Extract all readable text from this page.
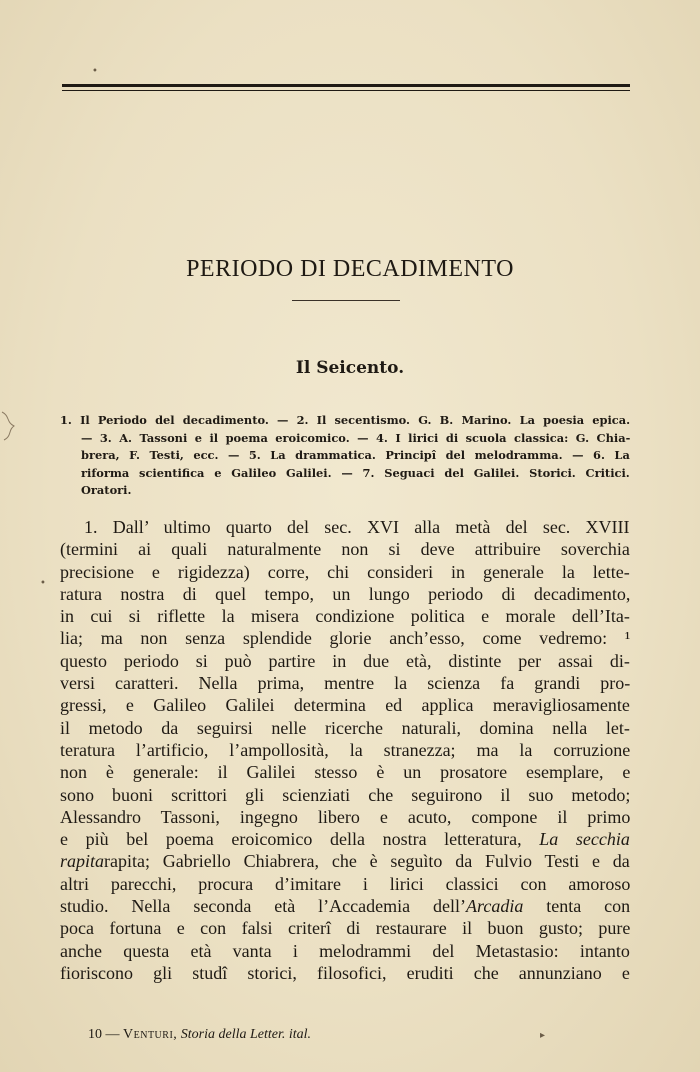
PERIODO DI DECADIMENTO
Il Seicento.
1. Il Periodo del decadimento. — 2. Il secentismo. G. B. Marino. La poesia epica.
— 3. A. Tassoni e il poema eroicomico. — 4. I lirici di scuola classica: G. Chia-
brera, F. Testi, ecc. — 5. La drammatica. Principî del melodramma. — 6. La
riforma scientifica e Galileo Galilei. — 7. Seguaci del Galilei. Storici. Critici.
Oratori.
1. Dall’ ultimo quarto del sec. XVI alla metà del sec. XVIII
(termini ai quali naturalmente non si deve attribuire soverchia
precisione e rigidezza) corre, chi consideri in generale la lette-
ratura nostra di quel tempo, un lungo periodo di decadimento,
in cui si riflette la misera condizione politica e morale dell’Ita-
lia; ma non senza splendide glorie anch’esso, come vedremo: ¹
questo periodo si può partire in due età, distinte per assai di-
versi caratteri. Nella prima, mentre la scienza fa grandi pro-
gressi, e Galileo Galilei determina ed applica meravigliosamente
il metodo da seguirsi nelle ricerche naturali, domina nella let-
teratura l’artificio, l’ampollosità, la stranezza; ma la corruzione
non è generale: il Galilei stesso è un prosatore esemplare, e
sono buoni scrittori gli scienziati che seguirono il suo metodo;
Alessandro Tassoni, ingegno libero e acuto, compone il primo
e più bel poema eroicomico della nostra letteratura, La secchia
rapitarapita; Gabriello Chiabrera, che è seguìto da Fulvio Testi e da
altri parecchi, procura d’imitare i lirici classici con amoroso
studio. Nella seconda età l’Accademia dell’Arcadia tenta con
poca fortuna e con falsi criterî di restaurare il buon gusto; pure
anche questa età vanta i melodrammi del Metastasio: intanto
fioriscono gli studî storici, filosofici, eruditi che annunziano e
10 — Venturi, Storia della Letter. ital.
•
•
▸
